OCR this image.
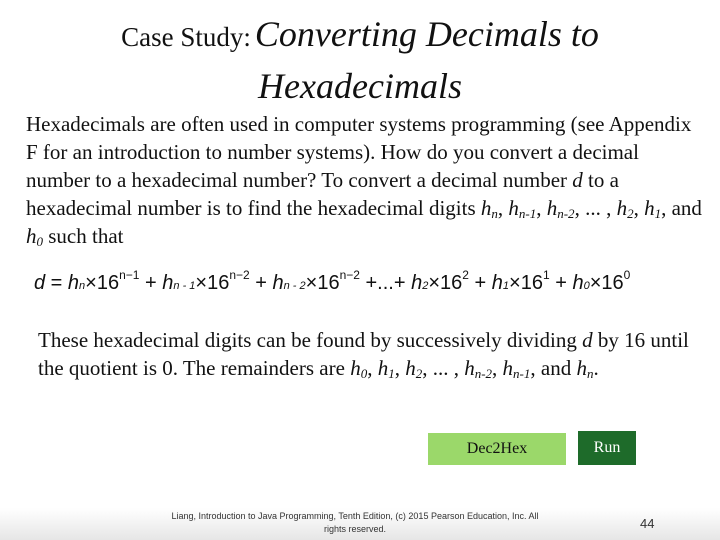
Case Study: Converting Decimals to
Hexadecimals
Hexadecimals are often used in computer systems programming (see Appendix F for an introduction to number systems). How do you convert a decimal number to a hexadecimal number? To convert a decimal number d to a hexadecimal number is to find the hexadecimal digits $h_n$, $h_{n-1}$, $h_{n-2}$, ... , $h_2$, $h_1$, and $h_0$ such that
$d = hn\times 16^{n-1}$ + hn - $1\times 16^{n-2}$ + hn - $2\times 16^{n-2}$ +...+ $h2\times 16^2 + h1\times 16^1 + h0\times 16^0$
These hexadecimal digits can be found by successively dividing d by 16 until the quotient is 0. The remainders are $h_0$, $h_1$, $h_2$, ... , $h_{n-2}$, $h_{n-1}$, and $h_n$.
Dec2Hex	Run
Liang, Introduction to Java Programming, Tenth Edition, (c) 2015 Pearson Education, Inc. All
rights reserved.	44
